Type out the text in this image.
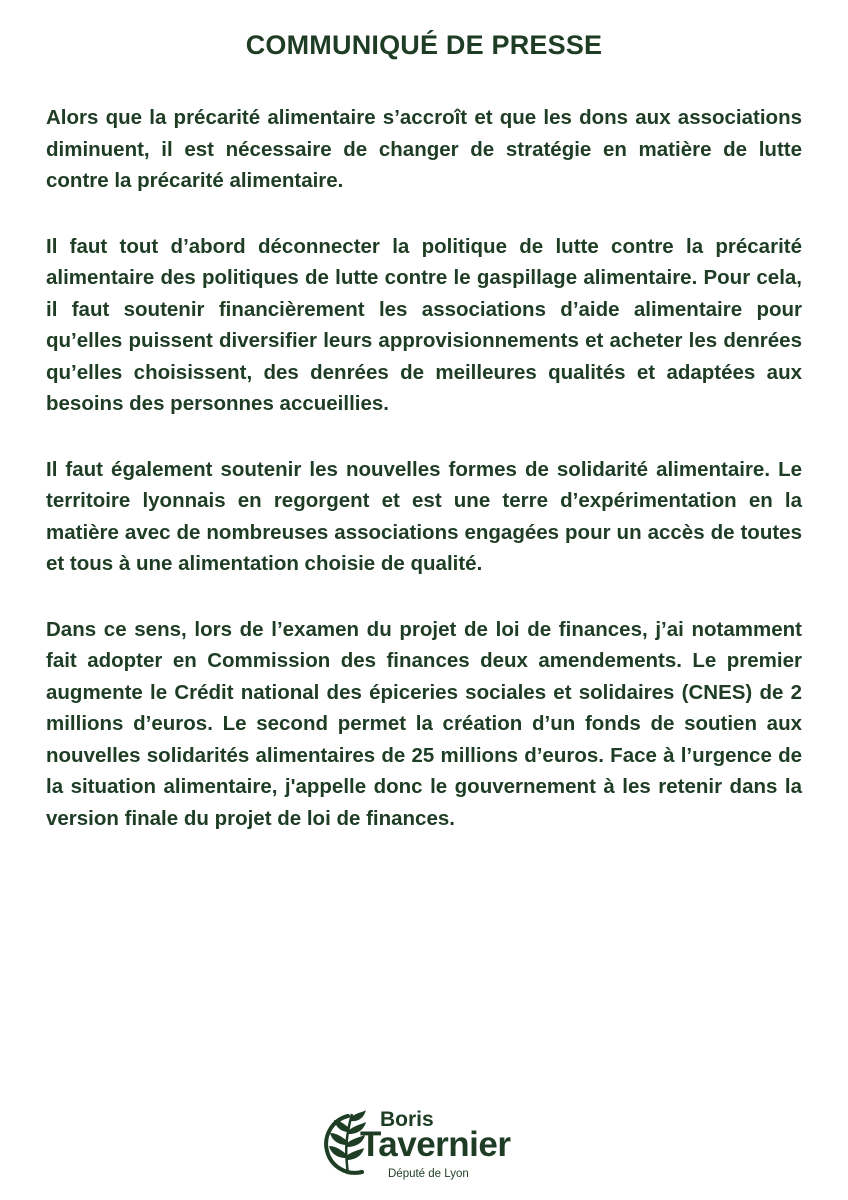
COMMUNIQUÉ DE PRESSE

Alors que la précarité alimentaire s’accroît et que les dons aux associations diminuent, il est nécessaire de changer de stratégie en matière de lutte contre la précarité alimentaire.

Il faut tout d’abord déconnecter la politique de lutte contre la précarité alimentaire des politiques de lutte contre le gaspillage alimentaire. Pour cela, il faut soutenir financièrement les associations d’aide alimentaire pour qu’elles puissent diversifier leurs approvisionnements et acheter les denrées qu’elles choisissent, des denrées de meilleures qualités et adaptées aux besoins des personnes accueillies.

Il faut également soutenir les nouvelles formes de solidarité alimentaire. Le territoire lyonnais en regorgent et est une terre d’expérimentation en la matière avec de nombreuses associations engagées pour un accès de toutes et tous à une alimentation choisie de qualité.

Dans ce sens, lors de l’examen du projet de loi de finances, j’ai notamment fait adopter en Commission des finances deux amendements. Le premier augmente le Crédit national des épiceries sociales et solidaires (CNES) de 2 millions d’euros. Le second permet la création d’un fonds de soutien aux nouvelles solidarités alimentaires de 25 millions d’euros. Face à l’urgence de la situation alimentaire, j'appelle donc le gouvernement à les retenir dans la version finale du projet de loi de finances.

Boris
Tavernier
Député de Lyon
